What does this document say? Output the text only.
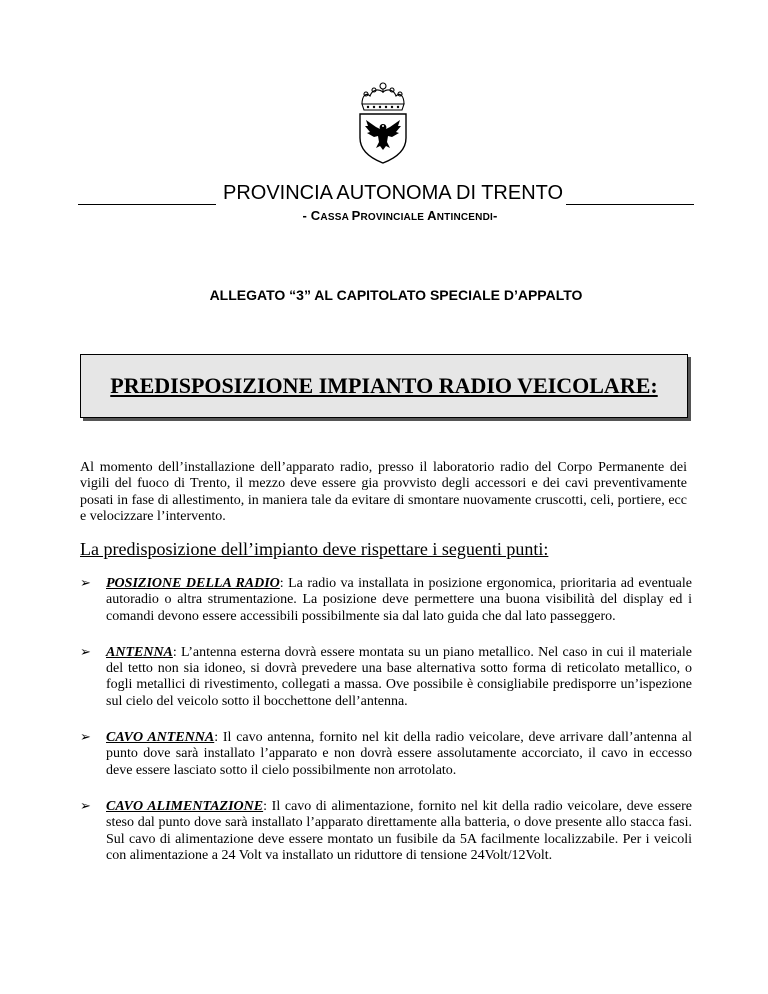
PROVINCIA AUTONOMA DI TRENTO
- CASSA PROVINCIALE ANTINCENDI-
ALLEGATO “3” AL CAPITOLATO SPECIALE D’APPALTO
PREDISPOSIZIONE IMPIANTO RADIO VEICOLARE:
Al momento dell’installazione dell’apparato radio, presso il laboratorio radio del Corpo Permanente dei vigili del fuoco di Trento, il mezzo deve essere gia provvisto degli accessori e dei cavi preventivamente posati in fase di allestimento, in maniera tale da evitare di smontare nuovamente cruscotti, celi, portiere, ecc e velocizzare l’intervento.
La predisposizione dell’impianto deve rispettare i seguenti punti:
➢ POSIZIONE DELLA RADIO: La radio va installata in posizione ergonomica, prioritaria ad eventuale autoradio o altra strumentazione. La posizione deve permettere una buona visibilità del display ed i comandi devono essere accessibili possibilmente sia dal lato guida che dal lato passeggero.
➢ ANTENNA: L’antenna esterna dovrà essere montata su un piano metallico. Nel caso in cui il materiale del tetto non sia idoneo, si dovrà prevedere una base alternativa sotto forma di reticolato metallico, o fogli metallici di rivestimento, collegati a massa. Ove possibile è consigliabile predisporre un’ispezione sul cielo del veicolo sotto il bocchettone dell’antenna.
➢ CAVO ANTENNA: Il cavo antenna, fornito nel kit della radio veicolare, deve arrivare dall’antenna al punto dove sarà installato l’apparato e non dovrà essere assolutamente accorciato, il cavo in eccesso deve essere lasciato sotto il cielo possibilmente non arrotolato.
➢ CAVO ALIMENTAZIONE: Il cavo di alimentazione, fornito nel kit della radio veicolare, deve essere steso dal punto dove sarà installato l’apparato direttamente alla batteria, o dove presente allo stacca fasi. Sul cavo di alimentazione deve essere montato un fusibile da 5A facilmente localizzabile. Per i veicoli con alimentazione a 24 Volt va installato un riduttore di tensione 24Volt/12Volt.
